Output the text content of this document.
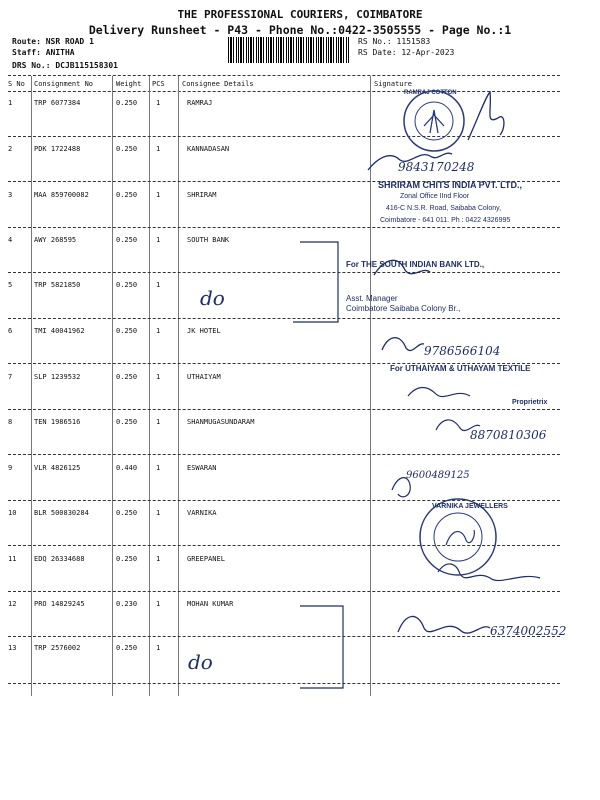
THE PROFESSIONAL COURIERS, COIMBATORE
Delivery Runsheet - P43 - Phone No.:0422-3505555 - Page No.:1
Route: NSR ROAD 1
Staff: ANITHA
DRS No.: DCJB115158301
RS No.: 1151583
RS Date: 12-Apr-2023
S No Consignment No	Weight PCS Consignee Details	Signature
1	TRP 6077384	0.250	1	RAMRAJ
2	PDK 1722488	0.250	1	KANNADASAN
3	MAA 859700082	0.250	1	SHRIRAM
4	AWY 268595	0.250	1	SOUTH BANK
5	TRP 5821850	0.250	1
6	TMI 40041962	0.250	1	JK HOTEL
7	SLP 1239532	0.250	1	UTHAIYAM
8	TEN 1986516	0.250	1	SHANMUGASUNDARAM
9	VLR 4826125	0.440	1	ESWARAN
10	BLR 500830284	0.250	1	VARNIKA
11	EDQ 26334688	0.250	1	GREEPANEL
12	PRO 14829245	0.230	1	MOHAN KUMAR
13	TRP 2576002	0.250	1
RAMRAJ COTTON
do
do
9843170248
SHRIRAM CHITS INDIA PVT. LTD.,
Zonal Office IInd Floor
416-C N.S.R. Road, Saibaba Colony,
Coimbatore - 641 011. Ph : 0422 4326995
For THE SOUTH INDIAN BANK LTD.,
Asst. Manager
Coimbatore Saibaba Colony Br.,
9786566104
For UTHAIYAM & UTHAYAM TEXTILE
Proprietrix
8870810306
9600489125
VARNIKA JEWELLERS
6374002552
